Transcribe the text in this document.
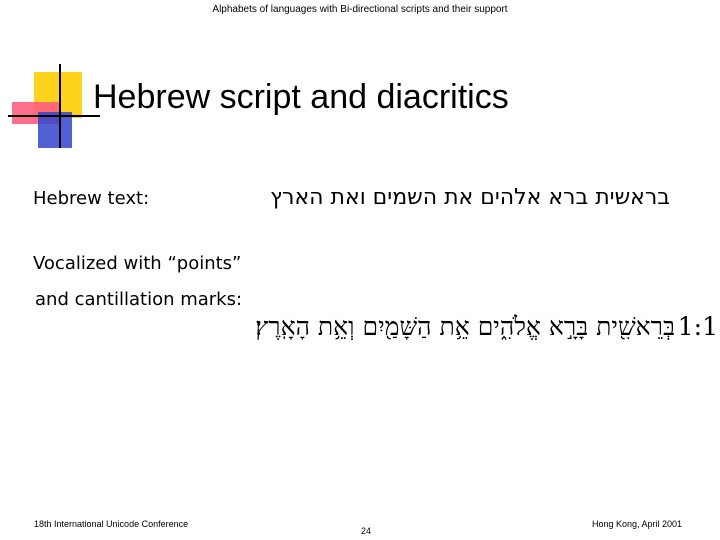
Alphabets of languages with Bi-directional scripts and their support
Hebrew script and diacritics
Hebrew text:	בראשית ברא אלהים את השמים ואת הארץ
Vocalized with “points”
and cantillation marks:
בְּרֵאשִׁ֖ית בָּרָ֣א אֱלֹהִ֑ים אֵ֥ת הַשָּׁמַ֖יִם וְאֵ֥ת הָאָֽרֶץ׃ 1:1
18th International Unicode Conference
24
Hong Kong, April 2001
